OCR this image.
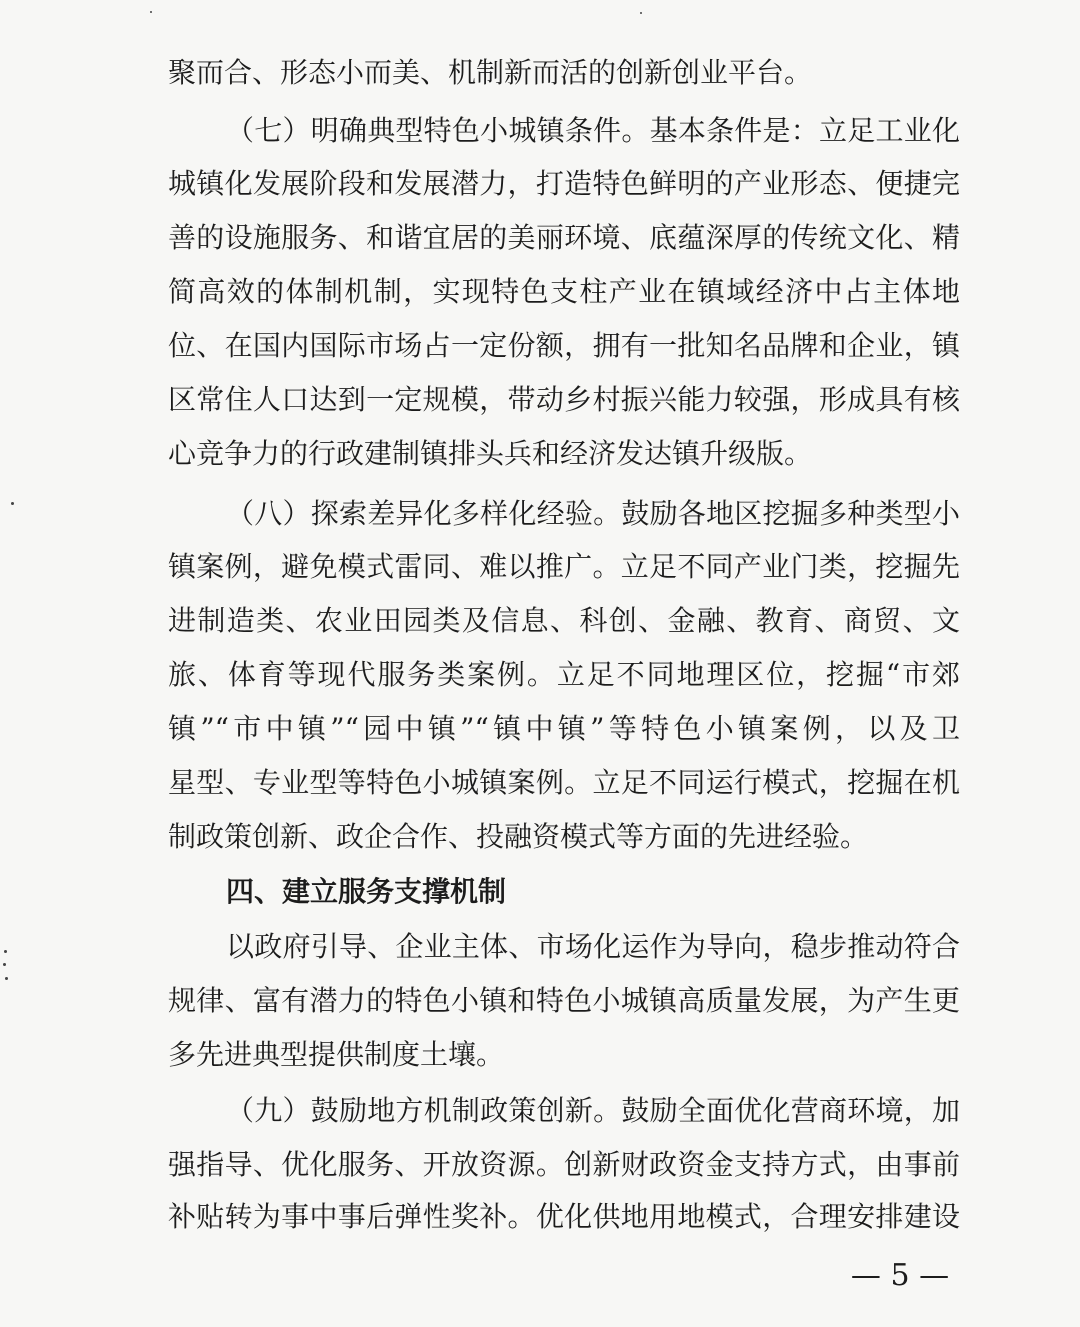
聚而合、形态小而美、机制新而活的创新创业平台。
（七）明确典型特色小城镇条件。基本条件是：立足工业化
城镇化发展阶段和发展潜力，打造特色鲜明的产业形态、便捷完
善的设施服务、和谐宜居的美丽环境、底蕴深厚的传统文化、精
简高效的体制机制，实现特色支柱产业在镇域经济中占主体地
位、在国内国际市场占一定份额，拥有一批知名品牌和企业，镇
区常住人口达到一定规模，带动乡村振兴能力较强，形成具有核
心竞争力的行政建制镇排头兵和经济发达镇升级版。
（八）探索差异化多样化经验。鼓励各地区挖掘多种类型小
镇案例，避免模式雷同、难以推广。立足不同产业门类，挖掘先
进制造类、农业田园类及信息、科创、金融、教育、商贸、文
旅、体育等现代服务类案例。立足不同地理区位，挖掘“市郊
镇”“市中镇”“园中镇”“镇中镇”等特色小镇案例，以及卫
星型、专业型等特色小城镇案例。立足不同运行模式，挖掘在机
制政策创新、政企合作、投融资模式等方面的先进经验。
四、建立服务支撑机制
以政府引导、企业主体、市场化运作为导向，稳步推动符合
规律、富有潜力的特色小镇和特色小城镇高质量发展，为产生更
多先进典型提供制度土壤。
（九）鼓励地方机制政策创新。鼓励全面优化营商环境，加
强指导、优化服务、开放资源。创新财政资金支持方式，由事前
补贴转为事中事后弹性奖补。优化供地用地模式，合理安排建设
— 5 —
